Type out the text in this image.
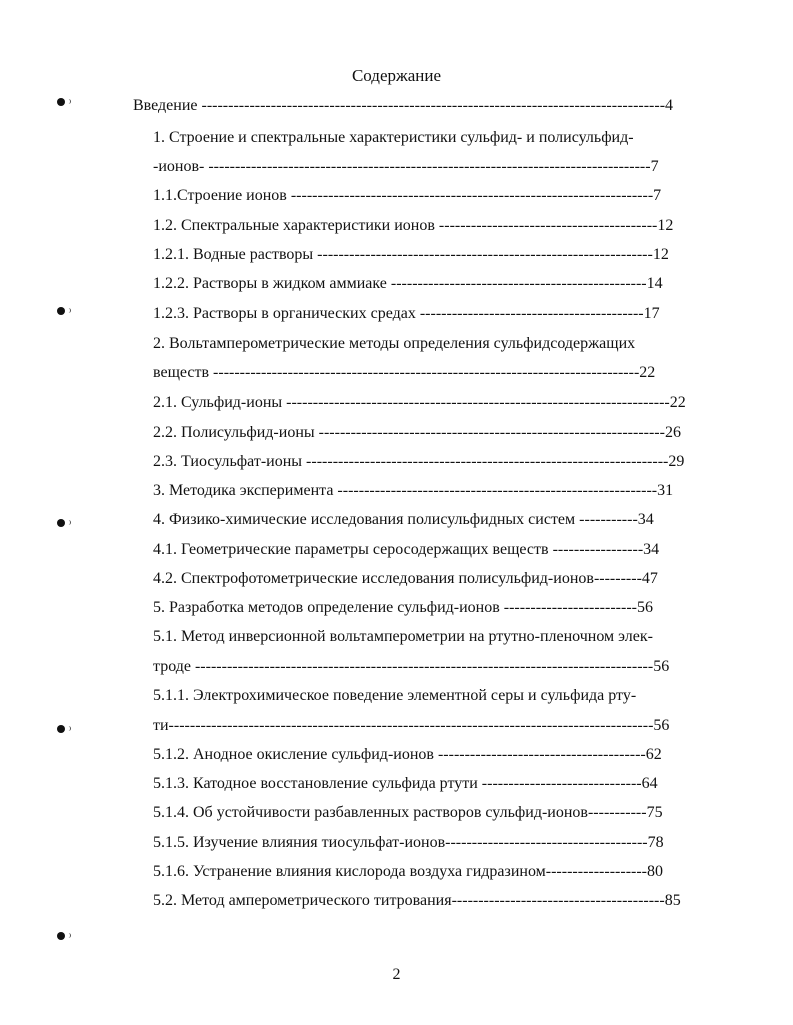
Содержание
Введение ---------------------------------------------------------------------------------------4
1. Строение и спектральные характеристики сульфид- и полисульфид-
-ионов- -----------------------------------------------------------------------------------7
1.1.Строение ионов --------------------------------------------------------------------7
1.2. Спектральные характеристики ионов -----------------------------------------12
1.2.1. Водные растворы ---------------------------------------------------------------12
1.2.2. Растворы в жидком аммиаке ------------------------------------------------14
1.2.3. Растворы в органических средах ------------------------------------------17
2. Вольтамперометрические методы определения сульфидсодержащих
веществ --------------------------------------------------------------------------------22
2.1. Сульфид-ионы ------------------------------------------------------------------------22
2.2. Полисульфид-ионы -----------------------------------------------------------------26
2.3. Тиосульфат-ионы --------------------------------------------------------------------29
3. Методика эксперимента ------------------------------------------------------------31
4. Физико-химические исследования полисульфидных систем -----------34
4.1. Геометрические параметры серосодержащих веществ -----------------34
4.2. Спектрофотометрические исследования полисульфид-ионов---------47
5. Разработка методов определение сульфид-ионов -------------------------56
5.1. Метод инверсионной вольтамперометрии на ртутно-пленочном элек-
троде --------------------------------------------------------------------------------------56
5.1.1. Электрохимическое поведение элементной серы и сульфида рту-
ти-------------------------------------------------------------------------------------------56
5.1.2. Анодное окисление сульфид-ионов ---------------------------------------62
5.1.3. Катодное восстановление сульфида ртути ------------------------------64
5.1.4. Об устойчивости разбавленных растворов сульфид-ионов-----------75
5.1.5. Изучение влияния тиосульфат-ионов--------------------------------------78
5.1.6. Устранение влияния кислорода воздуха гидразином-------------------80
5.2. Метод амперометрического титрования----------------------------------------85
2
